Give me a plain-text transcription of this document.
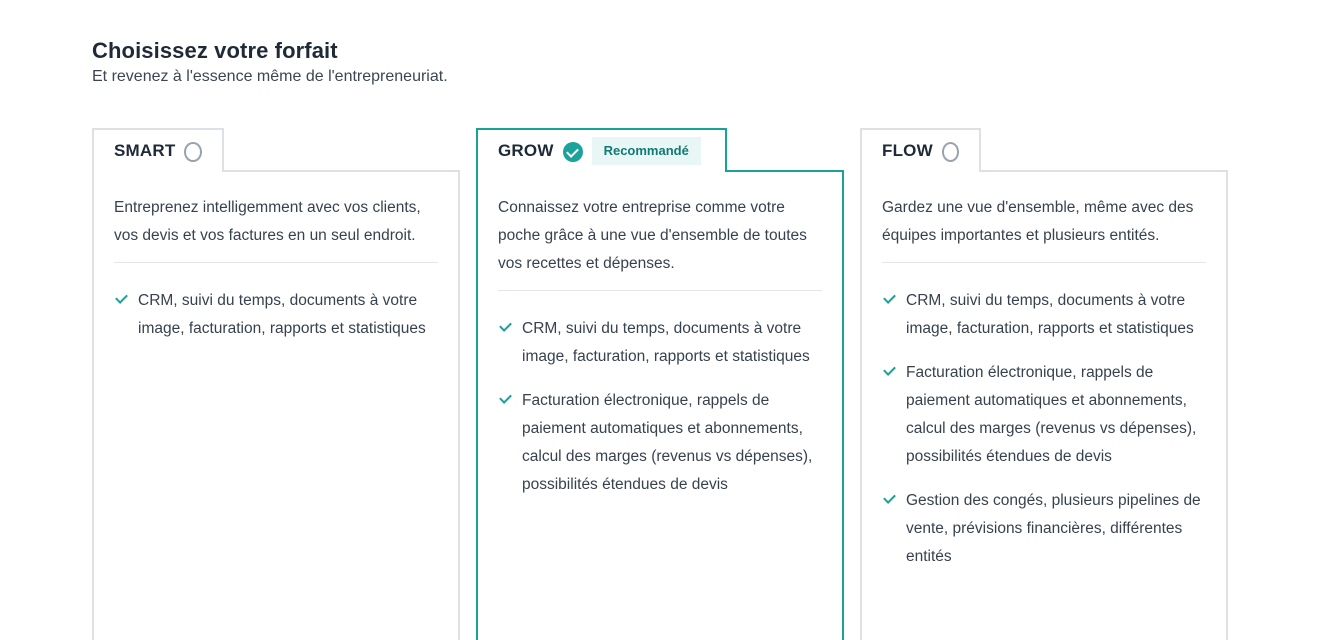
Choisissez votre forfait

Et revenez à l'essence même de l'entrepreneuriat.

SMART

Entreprenez intelligemment avec vos clients, vos devis et vos factures en un seul endroit.

CRM, suivi du temps, documents à votre image, facturation, rapports et statistiques
GROW	Recommandé

Connaissez votre entreprise comme votre poche grâce à une vue d'ensemble de toutes vos recettes et dépenses.

CRM, suivi du temps, documents à votre image, facturation, rapports et statistiques
Facturation électronique, rappels de paiement automatiques et abonnements, calcul des marges (revenus vs dépenses), possibilités étendues de devis
FLOW

Gardez une vue d'ensemble, même avec des équipes importantes et plusieurs entités.

CRM, suivi du temps, documents à votre image, facturation, rapports et statistiques
Facturation électronique, rappels de paiement automatiques et abonnements, calcul des marges (revenus vs dépenses), possibilités étendues de devis
Gestion des congés, plusieurs pipelines de vente, prévisions financières, différentes entités
